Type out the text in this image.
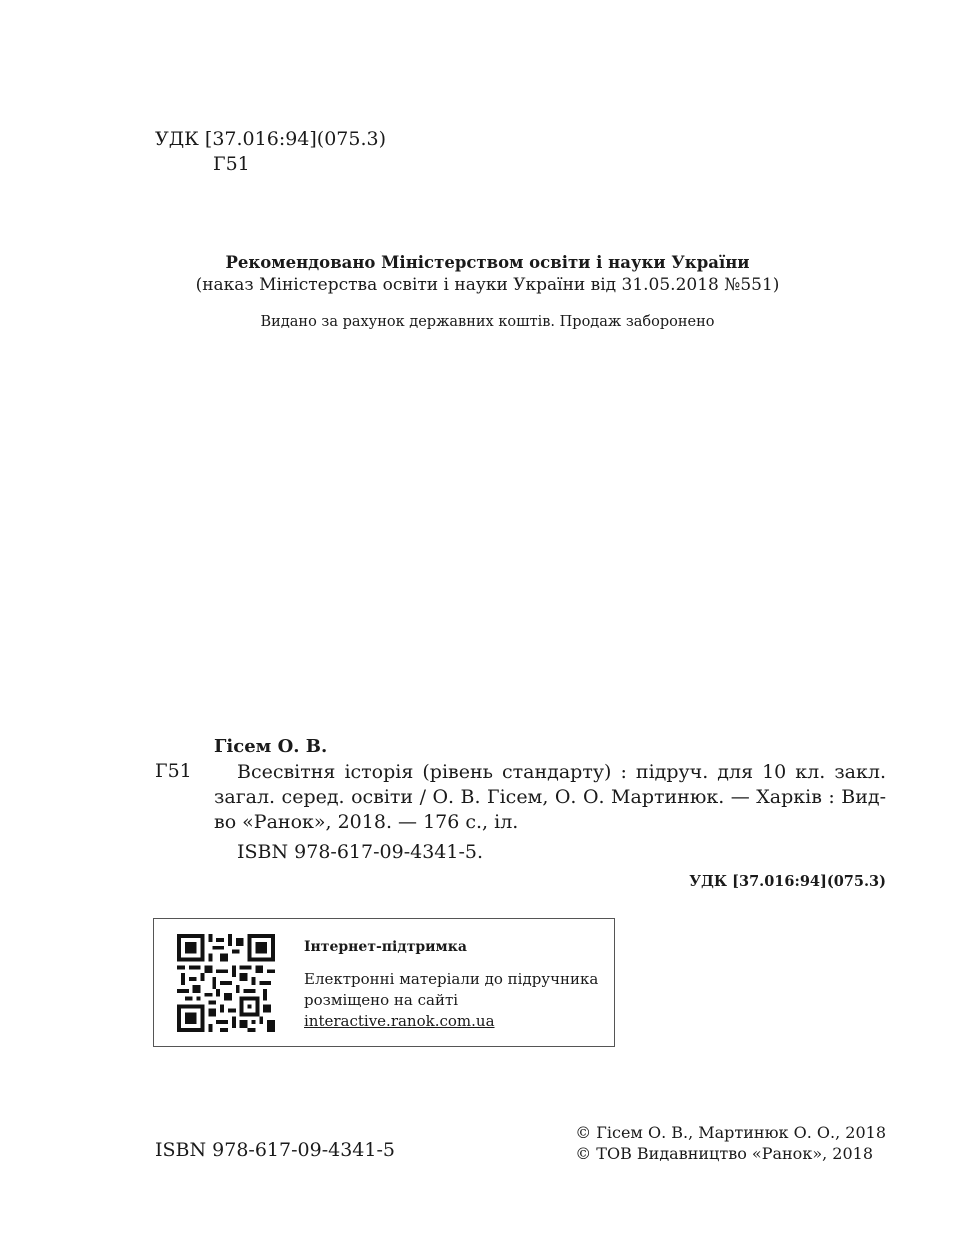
УДК [37.016:94](075.3)
Г51
Рекомендовано Міністерством освіти і науки України
(наказ Міністерства освіти і науки України від 31.05.2018 №551)
Видано за рахунок державних коштів. Продаж заборонено
Гісем О. В.
Г51	Всесвітня історія (рівень стандарту) : підруч. для 10 кл. закл. загал. серед. освіти / О. В. Гісем, О. О. Мартинюк. — Харків : Вид-во «Ранок», 2018. — 176 с., іл.
ISBN 978-617-09-4341-5.
УДК [37.016:94](075.3)
Інтернет-підтримка
Електронні матеріали до підручника
розміщено на сайті
interactive.ranok.com.ua
ISBN 978-617-09-4341-5
© Гісем О. В., Мартинюк О. О., 2018
© ТОВ Видавництво «Ранок», 2018
